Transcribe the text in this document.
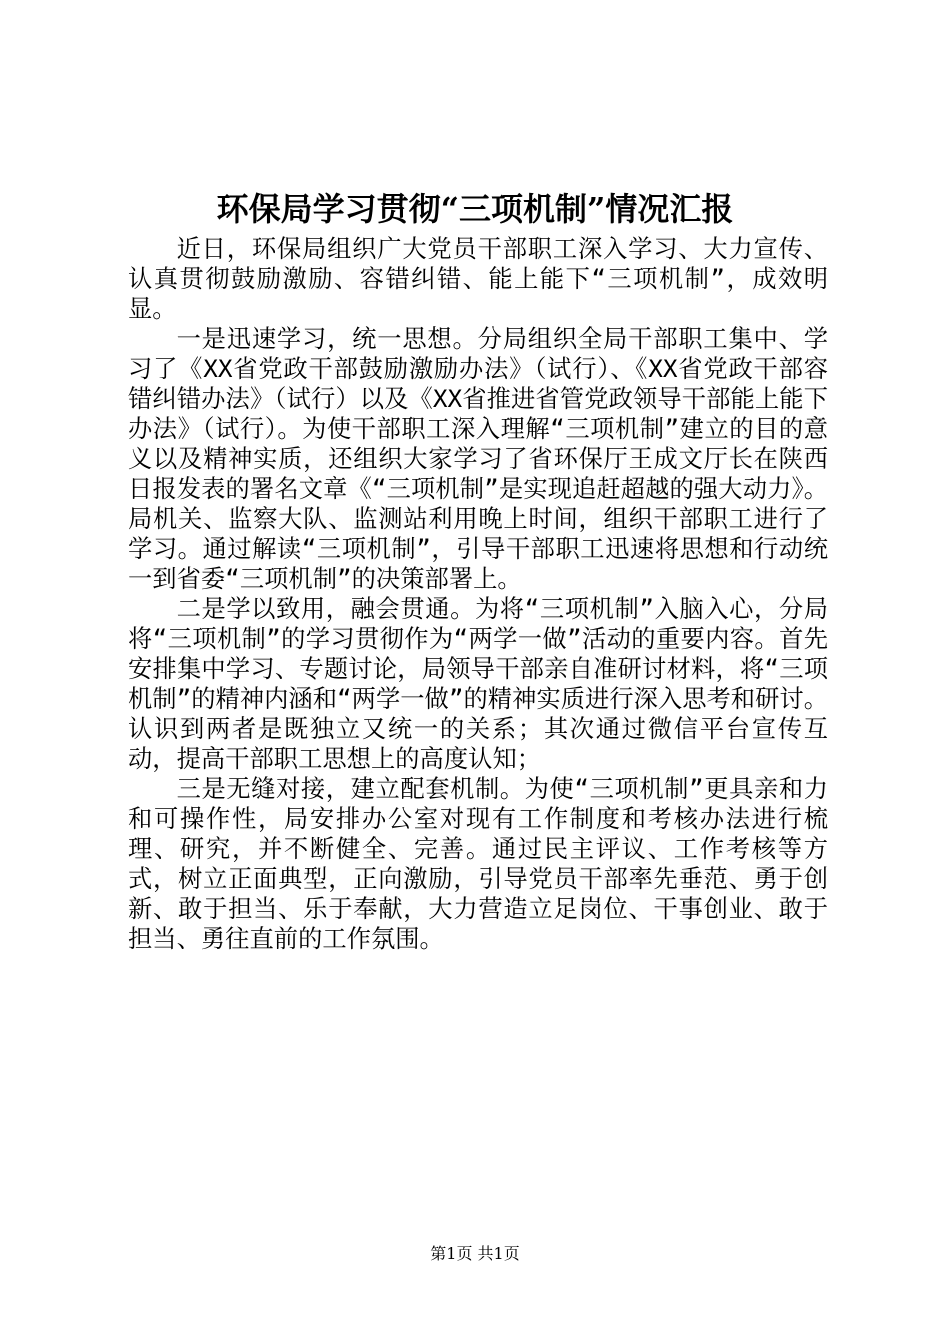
环保局学习贯彻“三项机制”情况汇报

近日，环保局组织广大党员干部职工深入学习、大力宣传、认真贯彻鼓励激励、容错纠错、能上能下“三项机制”，成效明显。

一是迅速学习，统一思想。分局组织全局干部职工集中、学习了《XX省党政干部鼓励激励办法》（试行）、《XX省党政干部容错纠错办法》（试行）以及《XX省推进省管党政领导干部能上能下办法》（试行）。为使干部职工深入理解“三项机制”建立的目的意义以及精神实质，还组织大家学习了省环保厅王成文厅长在陕西日报发表的署名文章《“三项机制”是实现追赶超越的强大动力》。局机关、监察大队、监测站利用晚上时间，组织干部职工进行了学习。通过解读“三项机制”，引导干部职工迅速将思想和行动统一到省委“三项机制”的决策部署上。

二是学以致用，融会贯通。为将“三项机制”入脑入心，分局将“三项机制”的学习贯彻作为“两学一做”活动的重要内容。首先安排集中学习、专题讨论，局领导干部亲自准研讨材料，将“三项机制”的精神内涵和“两学一做”的精神实质进行深入思考和研讨。认识到两者是既独立又统一的关系；其次通过微信平台宣传互动，提高干部职工思想上的高度认知；

三是无缝对接，建立配套机制。为使“三项机制”更具亲和力和可操作性，局安排办公室对现有工作制度和考核办法进行梳理、研究，并不断健全、完善。通过民主评议、工作考核等方式，树立正面典型，正向激励，引导党员干部率先垂范、勇于创新、敢于担当、乐于奉献，大力营造立足岗位、干事创业、敢于担当、勇往直前的工作氛围。

第1页 共1页
